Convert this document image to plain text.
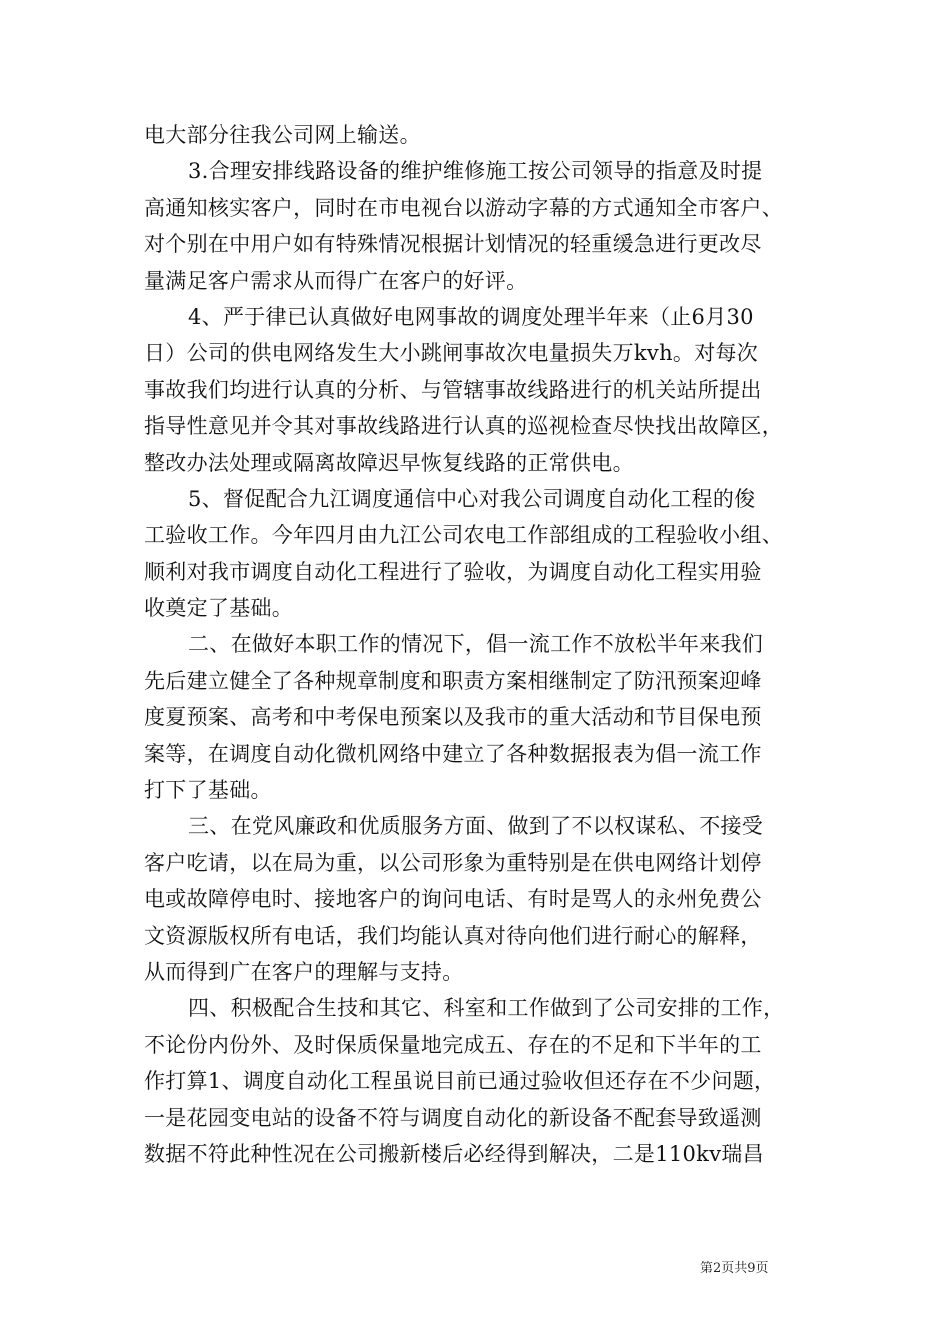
电大部分往我公司网上输送。
3.合理安排线路设备的维护维修施工按公司领导的指意及时提
高通知核实客户，同时在市电视台以游动字幕的方式通知全市客户、
对个别在中用户如有特殊情况根据计划情况的轻重缓急进行更改尽
量满足客户需求从而得广在客户的好评。
4、严于律已认真做好电网事故的调度处理半年来（止6月30
日）公司的供电网络发生大小跳闸事故次电量损失万kvh。对每次
事故我们均进行认真的分析、与管辖事故线路进行的机关站所提出
指导性意见并令其对事故线路进行认真的巡视检查尽快找出故障区，
整改办法处理或隔离故障迟早恢复线路的正常供电。
5、督促配合九江调度通信中心对我公司调度自动化工程的俊
工验收工作。今年四月由九江公司农电工作部组成的工程验收小组、
顺利对我市调度自动化工程进行了验收，为调度自动化工程实用验
收奠定了基础。
二、在做好本职工作的情况下，倡一流工作不放松半年来我们
先后建立健全了各种规章制度和职责方案相继制定了防汛预案迎峰
度夏预案、高考和中考保电预案以及我市的重大活动和节目保电预
案等，在调度自动化微机网络中建立了各种数据报表为倡一流工作
打下了基础。
三、在党风廉政和优质服务方面、做到了不以权谋私、不接受
客户吃请，以在局为重，以公司形象为重特别是在供电网络计划停
电或故障停电时、接地客户的询问电话、有时是骂人的永州免费公
文资源版权所有电话，我们均能认真对待向他们进行耐心的解释，
从而得到广在客户的理解与支持。
四、积极配合生技和其它、科室和工作做到了公司安排的工作，
不论份内份外、及时保质保量地完成五、存在的不足和下半年的工
作打算1、调度自动化工程虽说目前已通过验收但还存在不少问题，
一是花园变电站的设备不符与调度自动化的新设备不配套导致遥测
数据不符此种性况在公司搬新楼后必经得到解决，二是110kv瑞昌
第2页共9页
